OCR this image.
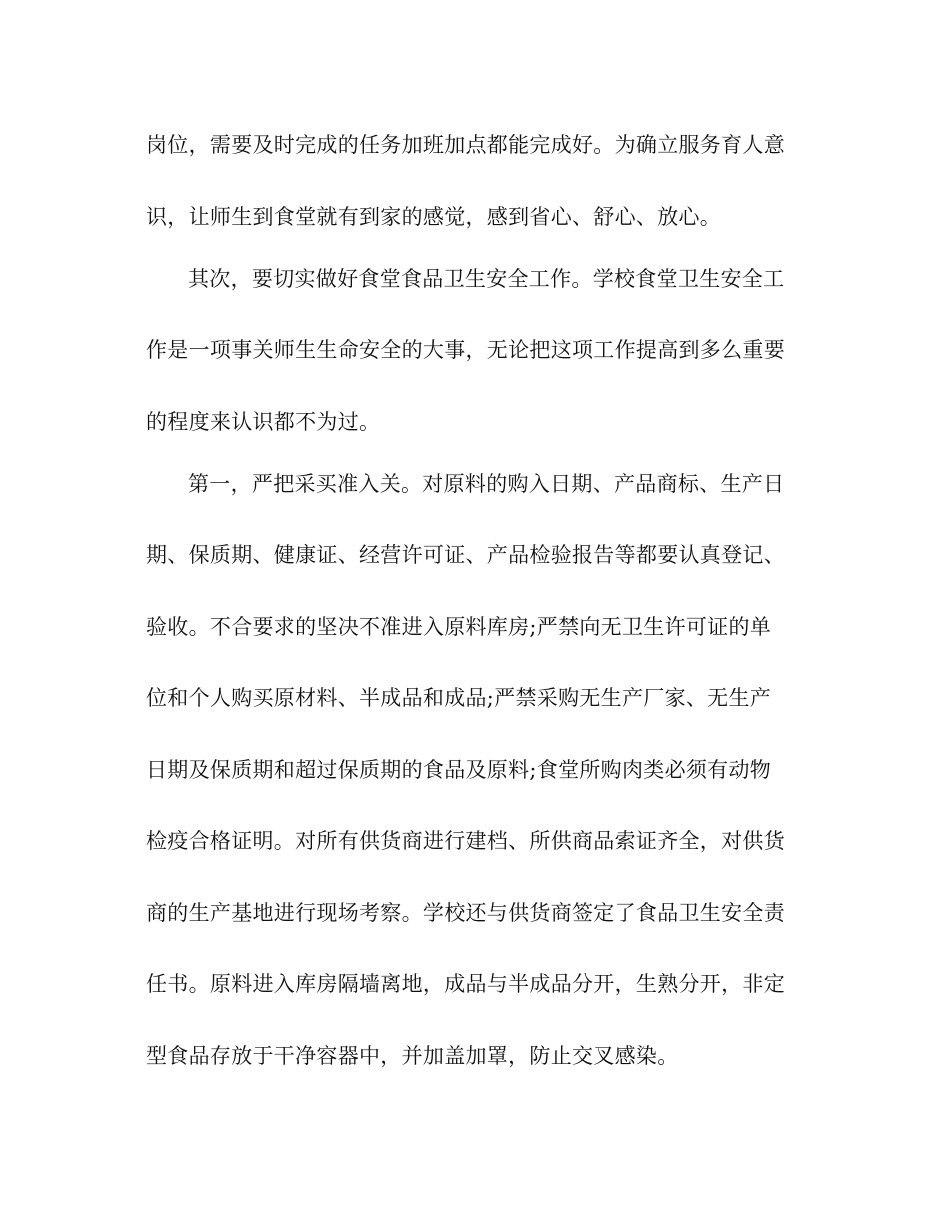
岗位，需要及时完成的任务加班加点都能完成好。为确立服务育人意
识，让师生到食堂就有到家的感觉，感到省心、舒心、放心。
其次，要切实做好食堂食品卫生安全工作。学校食堂卫生安全工
作是一项事关师生生命安全的大事，无论把这项工作提高到多么重要
的程度来认识都不为过。
第一，严把采买准入关。对原料的购入日期、产品商标、生产日
期、保质期、健康证、经营许可证、产品检验报告等都要认真登记、
验收。不合要求的坚决不准进入原料库房;严禁向无卫生许可证的单
位和个人购买原材料、半成品和成品;严禁采购无生产厂家、无生产
日期及保质期和超过保质期的食品及原料;食堂所购肉类必须有动物
检疫合格证明。对所有供货商进行建档、所供商品索证齐全，对供货
商的生产基地进行现场考察。学校还与供货商签定了食品卫生安全责
任书。原料进入库房隔墙离地，成品与半成品分开，生熟分开，非定
型食品存放于干净容器中，并加盖加罩，防止交叉感染。
